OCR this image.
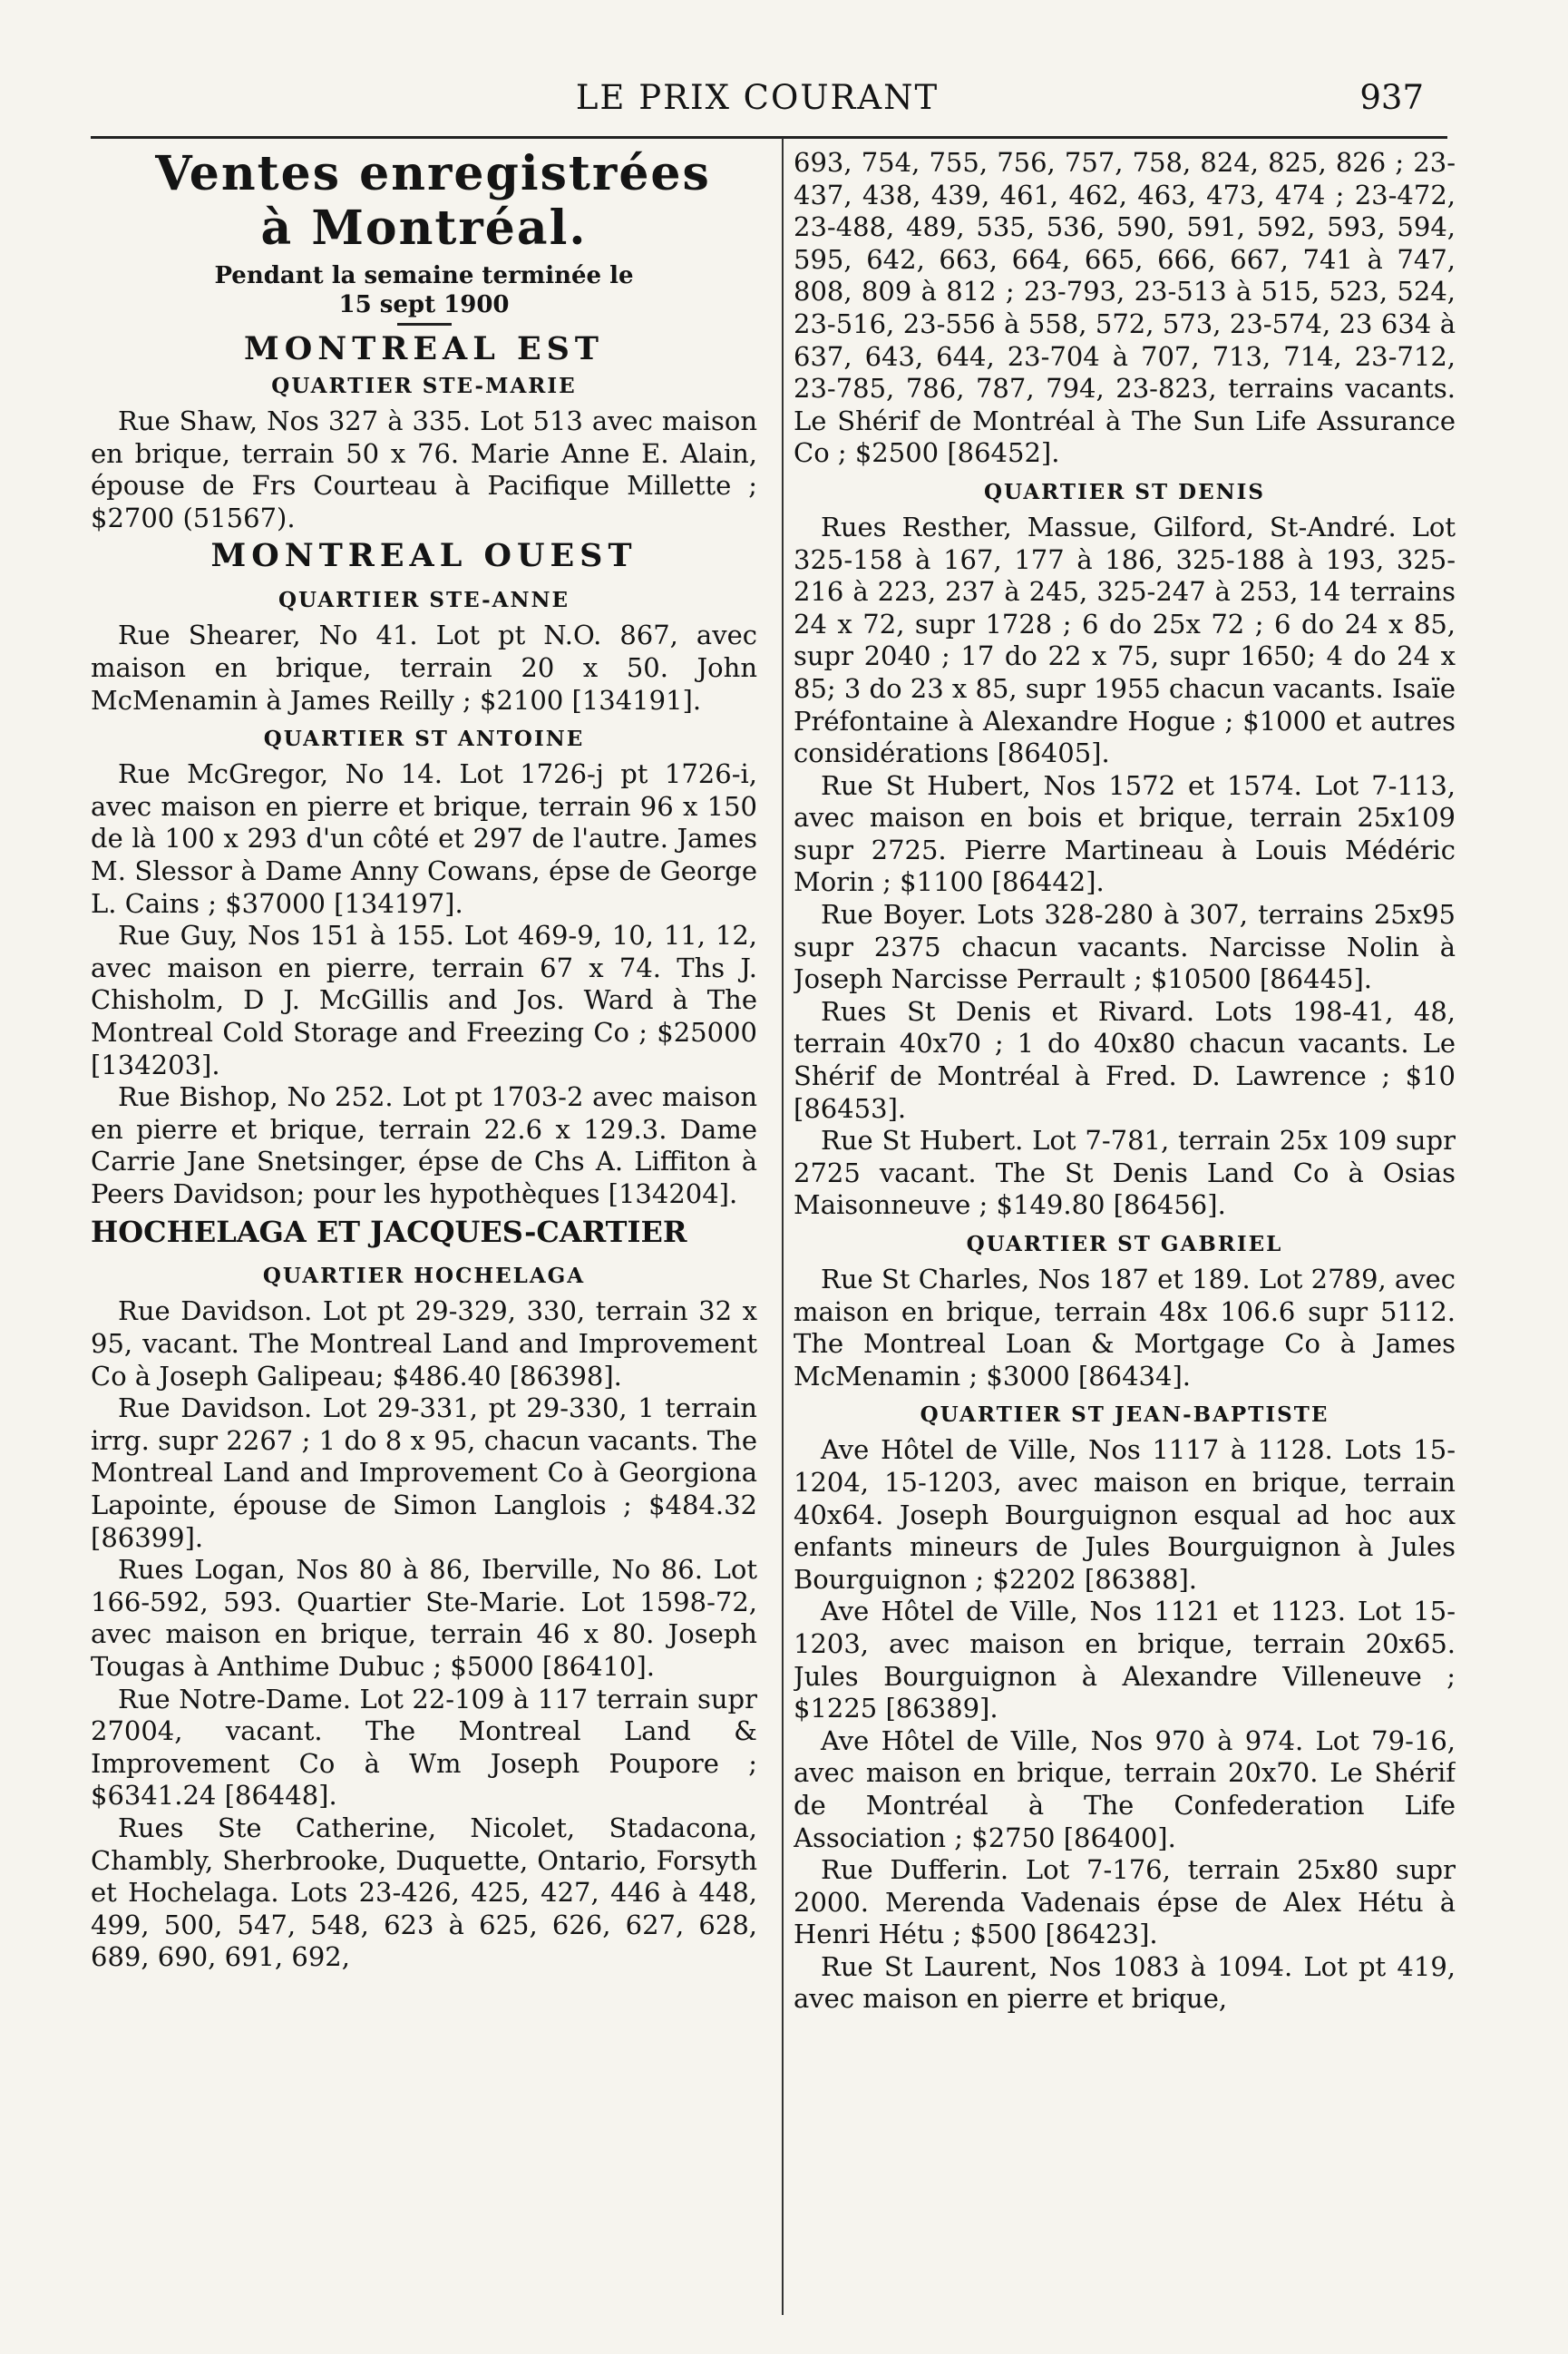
LE PRIX COURANT	937
Ventes enregistrées
à Montréal.
Pendant la semaine terminée le
15 sept 1900
MONTREAL EST
QUARTIER STE-MARIE

Rue Shaw, Nos 327 à 335. Lot 513 avec maison en brique, terrain 50 x 76. Marie Anne E. Alain, épouse de Frs Courteau à Pacifique Millette ; $2700 (51567).

MONTREAL OUEST
QUARTIER STE-ANNE

Rue Shearer, No 41. Lot pt N.O. 867, avec maison en brique, terrain 20 x 50. John McMenamin à James Reilly ; $2100 [134191].

QUARTIER ST ANTOINE

Rue McGregor, No 14. Lot 1726-j pt 1726-i, avec maison en pierre et brique, terrain 96 x 150 de là 100 x 293 d'un côté et 297 de l'autre. James M. Slessor à Dame Anny Cowans, épse de George L. Cains ; $37000 [134197].

Rue Guy, Nos 151 à 155. Lot 469-9, 10, 11, 12, avec maison en pierre, terrain 67 x 74. Ths J. Chisholm, D J. McGillis and Jos. Ward à The Montreal Cold Storage and Freezing Co ; $25000 [134203].

Rue Bishop, No 252. Lot pt 1703-2 avec maison en pierre et brique, terrain 22.6 x 129.3. Dame Carrie Jane Snetsinger, épse de Chs A. Liffiton à Peers Davidson; pour les hypothèques [134204].

HOCHELAGA ET JACQUES-CARTIER
QUARTIER HOCHELAGA

Rue Davidson. Lot pt 29-329, 330, terrain 32 x 95, vacant. The Montreal Land and Improvement Co à Joseph Galipeau; $486.40 [86398].

Rue Davidson. Lot 29-331, pt 29-330, 1 terrain irrg. supr 2267 ; 1 do 8 x 95, chacun vacants. The Montreal Land and Improvement Co à Georgiona Lapointe, épouse de Simon Langlois ; $484.32 [86399].

Rues Logan, Nos 80 à 86, Iberville, No 86. Lot 166-592, 593. Quartier Ste-Marie. Lot 1598-72, avec maison en brique, terrain 46 x 80. Joseph Tougas à Anthime Dubuc ; $5000 [86410].

Rue Notre-Dame. Lot 22-109 à 117 terrain supr 27004, vacant. The Montreal Land & Improvement Co à Wm Joseph Poupore ; $6341.24 [86448].

Rues Ste Catherine, Nicolet, Stadacona, Chambly, Sherbrooke, Duquette, Ontario, Forsyth et Hochelaga. Lots 23-426, 425, 427, 446 à 448, 499, 500, 547, 548, 623 à 625, 626, 627, 628, 689, 690, 691, 692,

693, 754, 755, 756, 757, 758, 824, 825, 826 ; 23-437, 438, 439, 461, 462, 463, 473, 474 ; 23-472, 23-488, 489, 535, 536, 590, 591, 592, 593, 594, 595, 642, 663, 664, 665, 666, 667, 741 à 747, 808, 809 à 812 ; 23-793, 23-513 à 515, 523, 524, 23-516, 23-556 à 558, 572, 573, 23-574, 23 634 à 637, 643, 644, 23-704 à 707, 713, 714, 23-712, 23-785, 786, 787, 794, 23-823, terrains vacants. Le Shérif de Montréal à The Sun Life Assurance Co ; $2500 [86452].

QUARTIER ST DENIS

Rues Resther, Massue, Gilford, St-André. Lot 325-158 à 167, 177 à 186, 325-188 à 193, 325-216 à 223, 237 à 245, 325-247 à 253, 14 terrains 24 x 72, supr 1728 ; 6 do 25x 72 ; 6 do 24 x 85, supr 2040 ; 17 do 22 x 75, supr 1650; 4 do 24 x 85; 3 do 23 x 85, supr 1955 chacun vacants. Isaïe Préfontaine à Alexandre Hogue ; $1000 et autres considérations [86405].

Rue St Hubert, Nos 1572 et 1574. Lot 7-113, avec maison en bois et brique, terrain 25x109 supr 2725. Pierre Martineau à Louis Médéric Morin ; $1100 [86442].

Rue Boyer. Lots 328-280 à 307, terrains 25x95 supr 2375 chacun vacants. Narcisse Nolin à Joseph Narcisse Perrault ; $10500 [86445].

Rues St Denis et Rivard. Lots 198-41, 48, terrain 40x70 ; 1 do 40x80 chacun vacants. Le Shérif de Montréal à Fred. D. Lawrence ; $10 [86453].

Rue St Hubert. Lot 7-781, terrain 25x 109 supr 2725 vacant. The St Denis Land Co à Osias Maisonneuve ; $149.80 [86456].

QUARTIER ST GABRIEL

Rue St Charles, Nos 187 et 189. Lot 2789, avec maison en brique, terrain 48x 106.6 supr 5112. The Montreal Loan & Mortgage Co à James McMenamin ; $3000 [86434].

QUARTIER ST JEAN-BAPTISTE

Ave Hôtel de Ville, Nos 1117 à 1128. Lots 15-1204, 15-1203, avec maison en brique, terrain 40x64. Joseph Bourguignon esqual ad hoc aux enfants mineurs de Jules Bourguignon à Jules Bourguignon ; $2202 [86388].

Ave Hôtel de Ville, Nos 1121 et 1123. Lot 15-1203, avec maison en brique, terrain 20x65. Jules Bourguignon à Alexandre Villeneuve ; $1225 [86389].

Ave Hôtel de Ville, Nos 970 à 974. Lot 79-16, avec maison en brique, terrain 20x70. Le Shérif de Montréal à The Confederation Life Association ; $2750 [86400].

Rue Dufferin. Lot 7-176, terrain 25x80 supr 2000. Merenda Vadenais épse de Alex Hétu à Henri Hétu ; $500 [86423].

Rue St Laurent, Nos 1083 à 1094. Lot pt 419, avec maison en pierre et brique,
